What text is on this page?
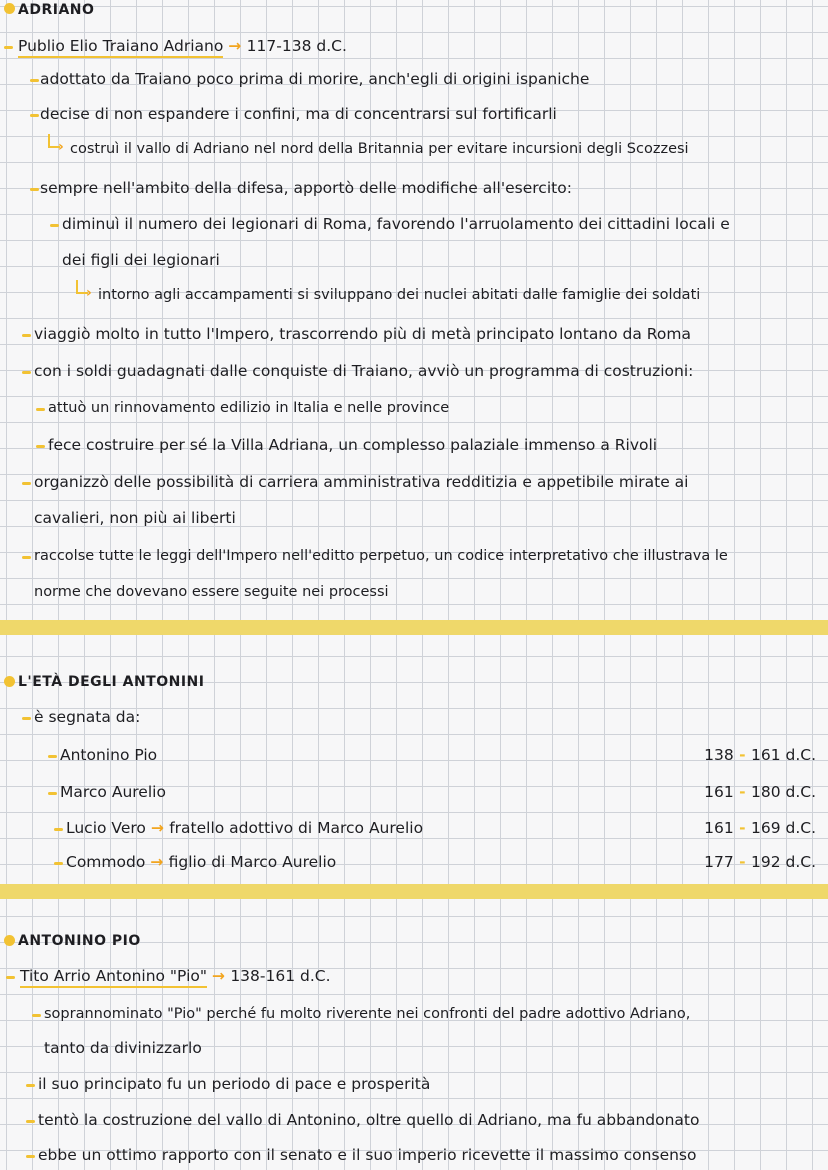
ADRIANO
Publio Elio Traiano Adriano → 117-138 d.C.
adottato da Traiano poco prima di morire, anch'egli di origini ispaniche
decise di non espandere i confini, ma di concentrarsi sul fortificarli
› costruì il vallo di Adriano nel nord della Britannia per evitare incursioni degli Scozzesi
sempre nell'ambito della difesa, apportò delle modifiche all'esercito:
diminuì il numero dei legionari di Roma, favorendo l'arruolamento dei cittadini locali e
dei figli dei legionari
› intorno agli accampamenti si sviluppano dei nuclei abitati dalle famiglie dei soldati
viaggiò molto in tutto l'Impero, trascorrendo più di metà principato lontano da Roma
con i soldi guadagnati dalle conquiste di Traiano, avviò un programma di costruzioni:
attuò un rinnovamento edilizio in Italia e nelle province
fece costruire per sé la Villa Adriana, un complesso palaziale immenso a Rivoli
organizzò delle possibilità di carriera amministrativa redditizia e appetibile mirate ai
cavalieri, non più ai liberti
raccolse tutte le leggi dell'Impero nell'editto perpetuo, un codice interpretativo che illustrava le
norme che dovevano essere seguite nei processi
L'ETÀ DEGLI ANTONINI
è segnata da:
Antonino Pio	138 - 161 d.C.
Marco Aurelio	161 - 180 d.C.
Lucio Vero → fratello adottivo di Marco Aurelio	161 - 169 d.C.
Commodo → figlio di Marco Aurelio	177 - 192 d.C.
ANTONINO PIO
Tito Arrio Antonino "Pio" → 138-161 d.C.
soprannominato "Pio" perché fu molto riverente nei confronti del padre adottivo Adriano,
tanto da divinizzarlo
il suo principato fu un periodo di pace e prosperità
tentò la costruzione del vallo di Antonino, oltre quello di Adriano, ma fu abbandonato
ebbe un ottimo rapporto con il senato e il suo imperio ricevette il massimo consenso
